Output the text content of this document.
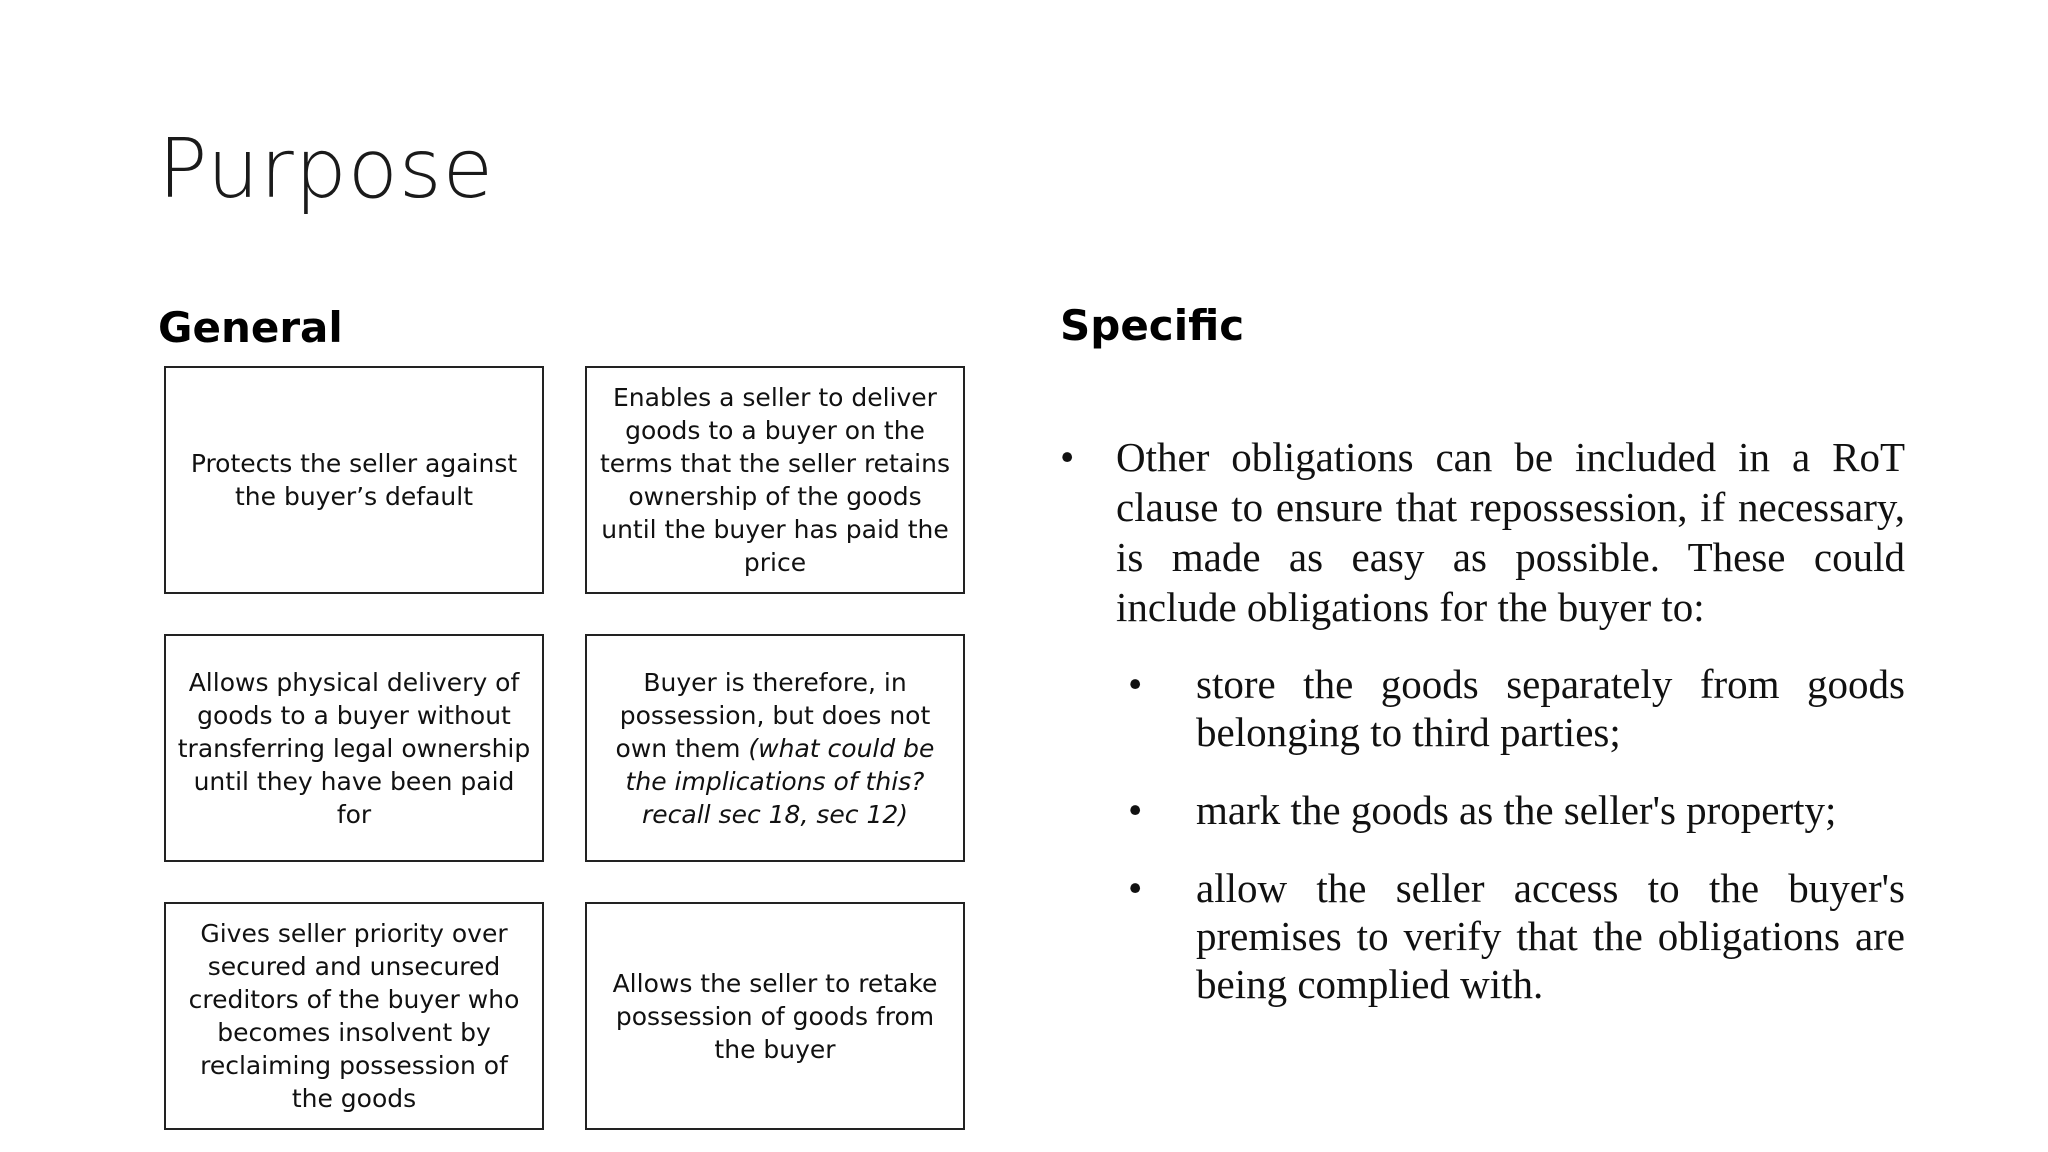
Purpose
General	Specific
Protects the seller against the buyer’s default
Enables a seller to deliver goods to a buyer on the terms that the seller retains ownership of the goods until the buyer has paid the price
Allows physical delivery of goods to a buyer without transferring legal ownership until they have been paid for
Buyer is therefore, in possession, but does not own them (what could be the implications of this? recall sec 18, sec 12)
Gives seller priority over secured and unsecured creditors of the buyer who becomes insolvent by reclaiming possession of the goods
Allows the seller to retake possession of goods from the buyer

•	Other obligations can be included in a RoT clause to ensure that repossession, if necessary, is made as easy as possible. These could include obligations for the buyer to:

• store the goods separately from goods belonging to third parties;

• mark the goods as the seller's property;

• allow the seller access to the buyer's premises to verify that the obligations are being complied with.
